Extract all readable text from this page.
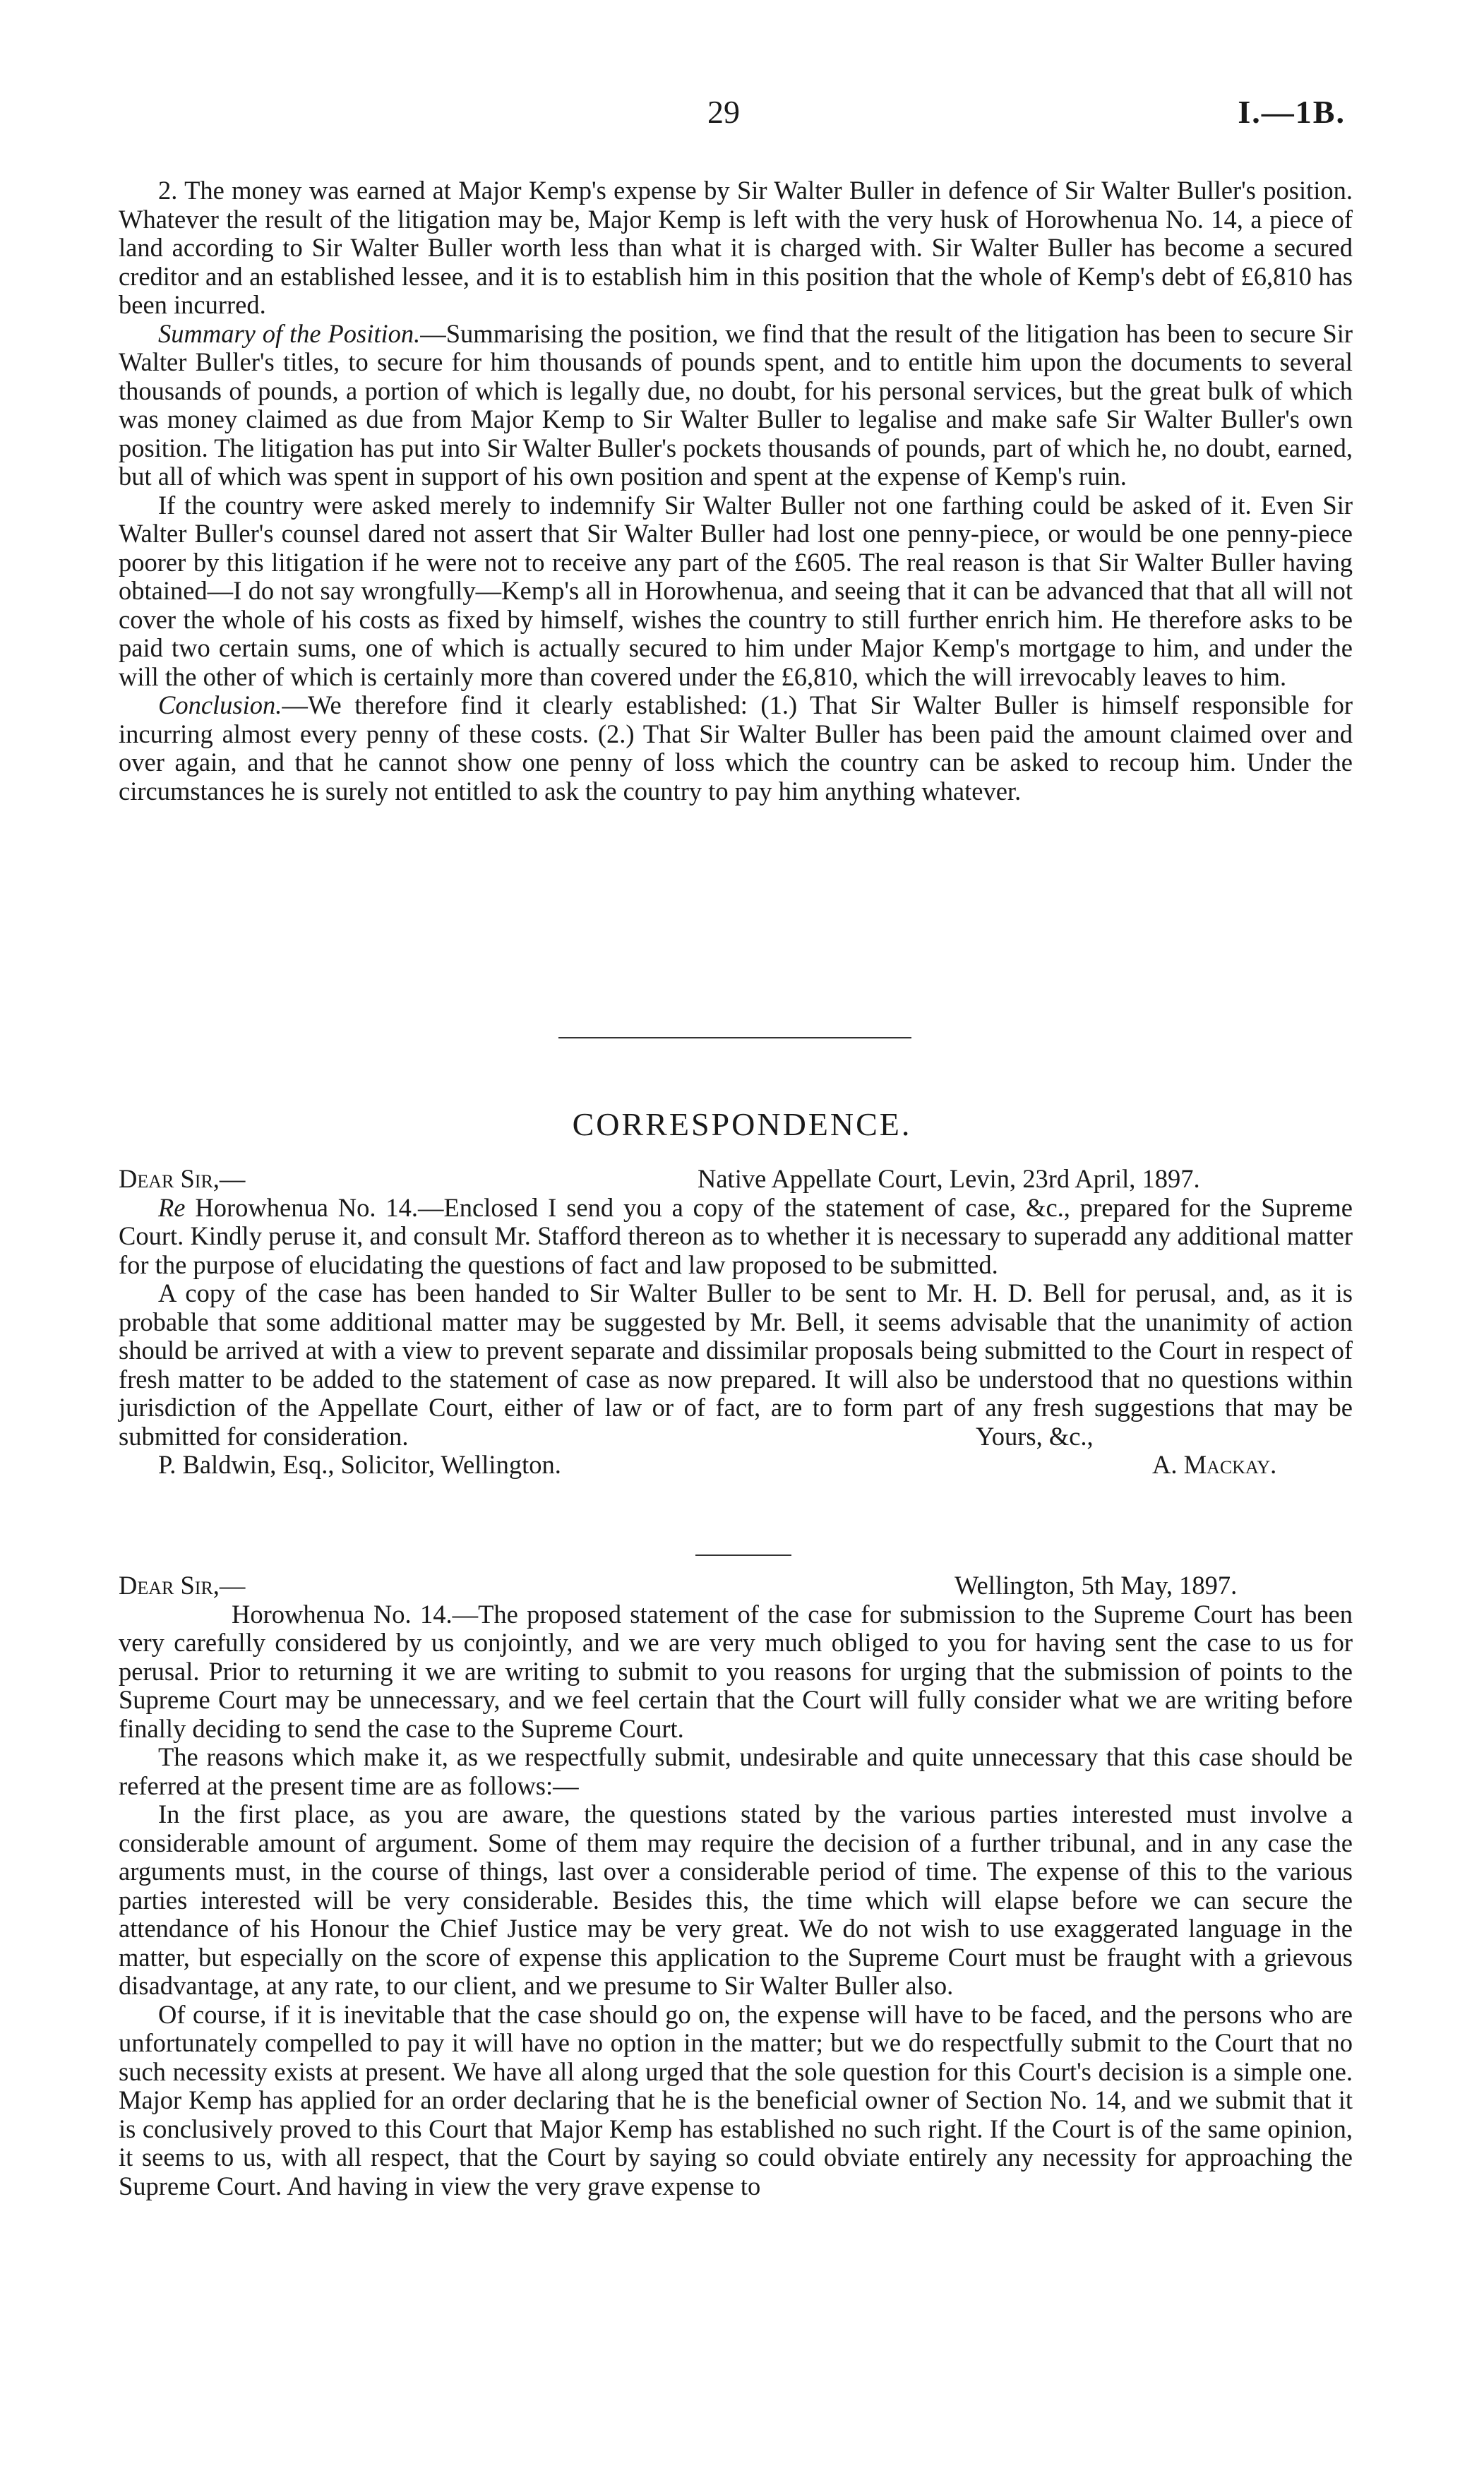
29	I.—1B.

2. The money was earned at Major Kemp's expense by Sir Walter Buller in defence of Sir Walter Buller's position. Whatever the result of the litigation may be, Major Kemp is left with the very husk of Horowhenua No. 14, a piece of land according to Sir Walter Buller worth less than what it is charged with. Sir Walter Buller has become a secured creditor and an established lessee, and it is to establish him in this position that the whole of Kemp's debt of £6,810 has been incurred.

Summary of the Position.—Summarising the position, we find that the result of the litigation has been to secure Sir Walter Buller's titles, to secure for him thousands of pounds spent, and to entitle him upon the documents to several thousands of pounds, a portion of which is legally due, no doubt, for his personal services, but the great bulk of which was money claimed as due from Major Kemp to Sir Walter Buller to legalise and make safe Sir Walter Buller's own position. The litigation has put into Sir Walter Buller's pockets thousands of pounds, part of which he, no doubt, earned, but all of which was spent in support of his own position and spent at the expense of Kemp's ruin.

If the country were asked merely to indemnify Sir Walter Buller not one farthing could be asked of it. Even Sir Walter Buller's counsel dared not assert that Sir Walter Buller had lost one penny-piece, or would be one penny-piece poorer by this litigation if he were not to receive any part of the £605. The real reason is that Sir Walter Buller having obtained—I do not say wrongfully—Kemp's all in Horowhenua, and seeing that it can be advanced that that all will not cover the whole of his costs as fixed by himself, wishes the country to still further enrich him. He therefore asks to be paid two certain sums, one of which is actually secured to him under Major Kemp's mortgage to him, and under the will the other of which is certainly more than covered under the £6,810, which the will irrevocably leaves to him.

Conclusion.—We therefore find it clearly established: (1.) That Sir Walter Buller is himself responsible for incurring almost every penny of these costs. (2.) That Sir Walter Buller has been paid the amount claimed over and over again, and that he cannot show one penny of loss which the country can be asked to recoup him. Under the circumstances he is surely not entitled to ask the country to pay him anything whatever.

CORRESPONDENCE.
Dear Sir,—	Native Appellate Court, Levin, 23rd April, 1897.

Re Horowhenua No. 14.—Enclosed I send you a copy of the statement of case, &c., prepared for the Supreme Court. Kindly peruse it, and consult Mr. Stafford thereon as to whether it is necessary to superadd any additional matter for the purpose of elucidating the questions of fact and law proposed to be submitted.

A copy of the case has been handed to Sir Walter Buller to be sent to Mr. H. D. Bell for perusal, and, as it is probable that some additional matter may be suggested by Mr. Bell, it seems advisable that the unanimity of action should be arrived at with a view to prevent separate and dissimilar proposals being submitted to the Court in respect of fresh matter to be added to the statement of case as now prepared. It will also be understood that no questions within jurisdiction of the Appellate Court, either of law or of fact, are to form part of any fresh suggestions that may be submitted for consideration.	Yours, &c.,
P. Baldwin, Esq., Solicitor, Wellington.	A. Mackay.
Dear Sir,—	Wellington, 5th May, 1897.

Horowhenua No. 14.—The proposed statement of the case for submission to the Supreme Court has been very carefully considered by us conjointly, and we are very much obliged to you for having sent the case to us for perusal. Prior to returning it we are writing to submit to you reasons for urging that the submission of points to the Supreme Court may be unnecessary, and we feel certain that the Court will fully consider what we are writing before finally deciding to send the case to the Supreme Court.

The reasons which make it, as we respectfully submit, undesirable and quite unnecessary that this case should be referred at the present time are as follows:—

In the first place, as you are aware, the questions stated by the various parties interested must involve a considerable amount of argument. Some of them may require the decision of a further tribunal, and in any case the arguments must, in the course of things, last over a considerable period of time. The expense of this to the various parties interested will be very considerable. Besides this, the time which will elapse before we can secure the attendance of his Honour the Chief Justice may be very great. We do not wish to use exaggerated language in the matter, but especially on the score of expense this application to the Supreme Court must be fraught with a grievous disadvantage, at any rate, to our client, and we presume to Sir Walter Buller also.

Of course, if it is inevitable that the case should go on, the expense will have to be faced, and the persons who are unfortunately compelled to pay it will have no option in the matter; but we do respectfully submit to the Court that no such necessity exists at present. We have all along urged that the sole question for this Court's decision is a simple one. Major Kemp has applied for an order declaring that he is the beneficial owner of Section No. 14, and we submit that it is conclusively proved to this Court that Major Kemp has established no such right. If the Court is of the same opinion, it seems to us, with all respect, that the Court by saying so could obviate entirely any necessity for approaching the Supreme Court. And having in view the very grave expense to
